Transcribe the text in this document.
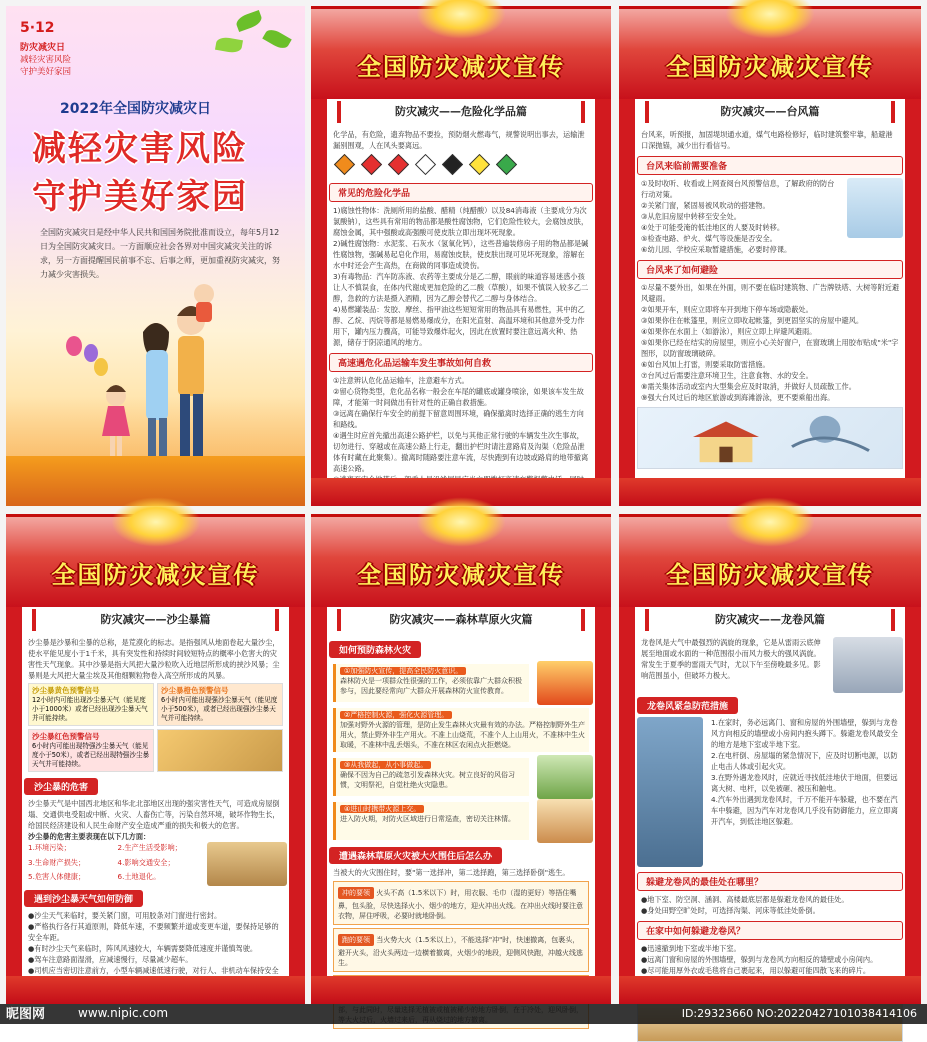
5·12
防灾减灾日
减轻灾害风险
守护美好家园
2022年全国防灾减灾日
减轻灾害风险
守护美好家园
全国防灾减灾日是经中华人民共和国国务院批准而设立，每年5月12日为全国防灾减灾日。一方面顺应社会各界对中国灾减灾关注的诉求，另一方面提醒国民前事不忘、后事之师，更加重视防灾减灾，努力减少灾害损失。
全国防灾减灾宣传
防灾减灾——危险化学品篇
化学品，有危险，遗弃物品不要捡，预防烟火燃毒气，规警说明出事去，运输泄漏别围观，人在风头要离远。
常见的危险化学品
1)腐蚀性物体：洗厕所用的盐酸、醋精（纯醋酸）以及84消毒液（主要成分为次氯酸钠），这些具有常用的物品都是酸性腐蚀物，它们危险性较大，会腐蚀皮肤，腐蚀金属，其中强酸或高强酸可使皮肤立即出现坏死现象。
2)碱性腐蚀物：水泥浆、石灰水（氢氧化钙），这些普遍装修房子用的物品都是碱性腐蚀物，强碱易起皂化作用，易腐蚀皮肤，使皮肤出现可见坏死现象，溶解在水中时还会产生高热，在商做的同事造成烫伤。
3)有毒物品：汽车防冻液、农药等主要成分是乙二醇，眼前的味道容易迷惑小孩让人不慎误食，在体内代谢成更加危险的乙二酸（草酸），如果不慎误入较多乙二醇，急救的方法是摄入酒精，因为乙醇会替代乙二醇与身体结合。
4)易燃罐装品：发胶、摩丝、指甲油这些短短常用的物品具有易燃性，其中的乙醇、乙烷、丙烷等都是易燃易爆成分，在阳光直射、高温环境和其他意外受力作用下，罐内压力骤高，可能导致爆炸起火，因此在放置时要注意远离火种、热源，储存于阴凉通风的地方。
高速遇危化品运输车发生事故如何自救
①注意辨认危化品运输车，注意避车方式。
②留心货物类型，危化品名称一般会在车尾的罐底或罐身喷涂，如果该车发生故障，才能第一时间做出有针对性的正确自救措施。
③远离在确保行车安全的前提下留意周围环境，确保撤离时选择正确的逃生方向和路线。
④遇生时应首先撤出高速公路护栏，以免与其他正常行驶的车辆发生次生事故，切勿进行、穿越或在高速公路上行走，翻出护栏时请注意路肩及沟渠（危险品泄体有时藏在此聚集）。撤离时随路要注意车流，尽快跑到有边坡或路肩的地带撤离高速公路。
全国防灾减灾宣传
防灾减灾——台风篇
台风来，听预报，加固堤坝通水道，煤气电路检修好，临时建筑整牢靠，船避港口深抛锚，减少出行看信号。
台风来临前需要准备
①及时收听、收看或上网查阅台风预警信息，了解政府的防台行动对策。
②关紧门窗，紧固易被风吹动的搭建物。
③从危旧房屋中转移至安全处。
④处于可能受淹的低洼地区的人要及时转移。
⑤检查电路、炉火、煤气等设施是否安全。
⑥幼儿园、学校应采取暂避措施，必要时停课。
台风来了如何避险
①尽量不要外出，如果在外面，则不要在临时建筑物、广告牌铁塔、大树等附近避风避雨。
②如果开车，则应立即将车开到地下停车场或隐蔽处。
③如果你住在帐篷里，则应立即收起帐篷，到更固坚实的房屋中避风。
④如果你在水面上（如游泳），则应立即上岸避风避雨。
⑤如果你已经在结实的房屋里，则应小心关好窗户，在窗玻璃上用胶布贴成"米"字图形，以防窗玻璃破碎。
⑥如台风加上打雷，则要采取防雷措施。
⑦台风过后需要注意环境卫生，注意食物、水的安全。
⑧需关集体活动或室内大型集会应及时取消，并做好人员疏散工作。
⑨强大台风过后的地区旅游或到海滩游泳，更不要乘船出海。
全国防灾减灾宣传
防灾减灾——沙尘暴篇
沙尘暴是沙暴和尘暴的总称，是荒漠化的标志。是指强风从地面卷起大量沙尘，使水平能见度小于1千米，具有突发性和持续时间较短特点的概率小危害大的灾害性天气现象。其中沙暴是指大风把大量沙粒吹入近地层所形成的挟沙风暴；尘暴则是大风把大量尘埃及其他细颗粒物卷入高空所形成的风暴。
沙尘暴黄色预警信号
12小时内可能出现沙尘暴天气（能见度小于1000米）或者已经出现沙尘暴天气并可能持续。
沙尘暴橙色预警信号
6小时内可能出现强沙尘暴天气（能见度小于500米），或者已经出现强沙尘暴天气并可能持续。
沙尘暴红色预警信号
6小时内可能出现特强沙尘暴天气（能见度小于50米），或者已经出现特强沙尘暴天气并可能持续。
沙尘暴的危害
沙尘暴天气是中国西北地区和华北北部地区出现的强灾害性天气，可造成房屋倒塌、交通供电受阻或中断、火灾、人畜伤亡等，污染自然环境，破坏作物生长，给国民经济建设和人民生命财产安全造成严重的损失和极大的危害。
沙尘暴的危害主要表现在以下几方面：
1.环境污染；	2.生产生活受影响；
3.生命财产损失；	4.影响交通安全；
5.危害人体健康；	6.土地退化。
遇到沙尘暴天气如何防御
●沙尘天气来临时，要关紧门窗，可用胶条对门窗进行密封。
●严格执行各行其道原则，降低车速，不要频繁并道或变更车道，要保持足够的安全车距。
●有时沙尘天气来临时，阵风风速较大，车辆需要降低速度并谨慎驾驶。
●驾车注意路面湿滑，应减速慢行，尽量减少超车。
●司机应当密切注意前方，小型车辆减速低速行驶，对行人、非机动车保持安全
全国防灾减灾宣传
防灾减灾——森林草原火灾篇
如何预防森林火灾
①加强防火宣传，提高全民防火意识。
森林防火是一项群众性很强的工作，必须依靠广大群众积极参与，因此要经常向广大群众开展森林防火宣传教育。
②严格控制火源，强化火源管理。
加强对野外火源的管理，是防止发生森林火灾最有效的办法。严格控制野外生产用火，禁止野外非生产用火。不准上山烧荒，不准个人上山用火，不准林中生火取暖，不准林中乱丢烟头，不准在林区农闲点火拒燃烧。
③从我做起，从小事做起。
确保不因为自己的疏忽引发森林火灾。树立良好的风俗习惯，文明祭祀，自觉杜绝火灾隐患。
④进山时携带火源上交。
进入防火期，对防火区域进行日常巡查，密切关注林情。
遭遇森林草原火灾被大火围住后怎么办
当被大的火灾围住时，要"第一选择冲，第二选择跑，第三选择卧倒"逃生。
冲的要领 火头不高（1.5米以下）时，用衣服、毛巾（湿的更好）等捂住嘴鼻，包头脸，尽快选择火小、烟少的地方，迎火冲出火线。在冲出火线时要注意衣物，屏住呼吸，必要时就地卧倒。
跑的要领 当火势大火（1.5米以上），不能选择"冲"时，快速撤离，包裹头，避开火头，沿火头两边一边横着撤离，火烟少的地段，迎侧风快跑，冲越火线逃生。
全国防灾减灾宣传
防灾减灾——龙卷风篇
龙卷风是大气中最强烈的涡旋的现象，它是从雷雨云底伸展至地面或水面的一种范围很小而风力极大的强风涡旋。常发生于夏季的雷雨天气时，尤以下午至傍晚最多见。影响范围虽小，但破坏力极大。
龙卷风紧急防范措施
1.在家时，务必远离门、窗和房屋的外围墙壁，躲到与龙卷风方向相反的墙壁或小房间内抱头蹲下。躲避龙卷风最安全的地方是地下室或半地下室。
2.在电杆倒、房屋塌的紧急情况下，应及时切断电源，以防止电击人体或引起火灾。
3.在野外遇龙卷风时，应就近寻找低洼地伏于地面，但要远离大树、电杆，以免被砸、被压和触电。
4.汽车外出遇到龙卷风时，千万不能开车躲避，也不要在汽车中躲避，因为汽车对龙卷风几乎没有防御能力，应立即离开汽车，到低洼地区躲避。
躲避龙卷风的最佳处在哪里？
●地下室、防空洞、涵洞、高楼最底层都是躲避龙卷风的最佳处。
●身处田野空旷处时，可选择沟渠、河床等低洼处卧倒。
在家中如何躲避龙卷风？
●迅速撤到地下室或半地下室。
●远离门窗和房屋的外围墙壁，躲到与龙卷风方向相反的墙壁或小房间内。
●尽可能用厚外衣或毛毯将自己裹起来，用以躲避可能四散飞来的碎片。
昵图网	www.nipic.com	ID:29323660 NO:20220427101038414106
